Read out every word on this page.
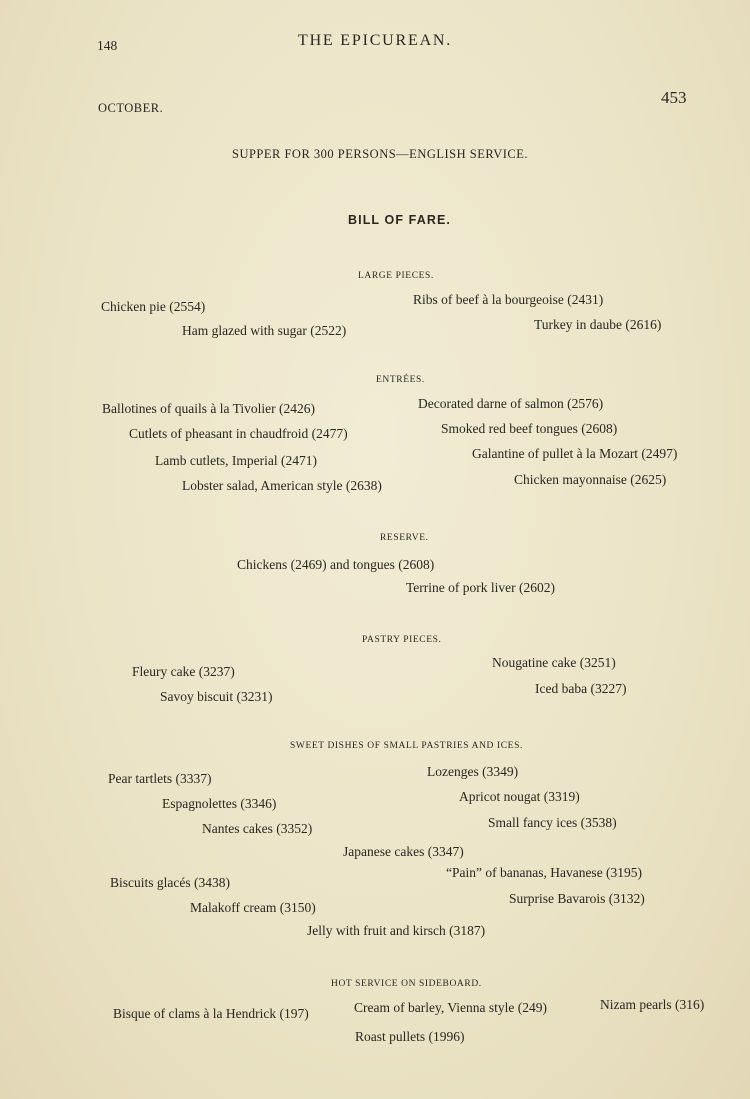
148	THE EPICUREAN.
OCTOBER.
453
SUPPER FOR 300 PERSONS—ENGLISH SERVICE.
BILL OF FARE.
LARGE PIECES.
Chicken pie (2554)
Ham glazed with sugar (2522)
Ribs of beef à la bourgeoise (2431)
Turkey in daube (2616)
ENTRÉES.
Ballotines of quails à la Tivolier (2426)
Cutlets of pheasant in chaudfroid (2477)
Lamb cutlets, Imperial (2471)
Lobster salad, American style (2638)
Decorated darne of salmon (2576)
Smoked red beef tongues (2608)
Galantine of pullet à la Mozart (2497)
Chicken mayonnaise (2625)
RESERVE.
Chickens (2469) and tongues (2608)
Terrine of pork liver (2602)
PASTRY PIECES.
Fleury cake (3237)
Savoy biscuit (3231)
Nougatine cake (3251)
Iced baba (3227)
SWEET DISHES OF SMALL PASTRIES AND ICES.
Pear tartlets (3337)
Espagnolettes (3346)
Nantes cakes (3352)
Lozenges (3349)
Apricot nougat (3319)
Small fancy ices (3538)
Japanese cakes (3347)
Biscuits glacés (3438)
Malakoff cream (3150)
“Pain” of bananas, Havanese (3195)
Surprise Bavarois (3132)
Jelly with fruit and kirsch (3187)
HOT SERVICE ON SIDEBOARD.
Bisque of clams à la Hendrick (197)	Cream of barley, Vienna style (249)	Nizam pearls (316)
Roast pullets (1996)
